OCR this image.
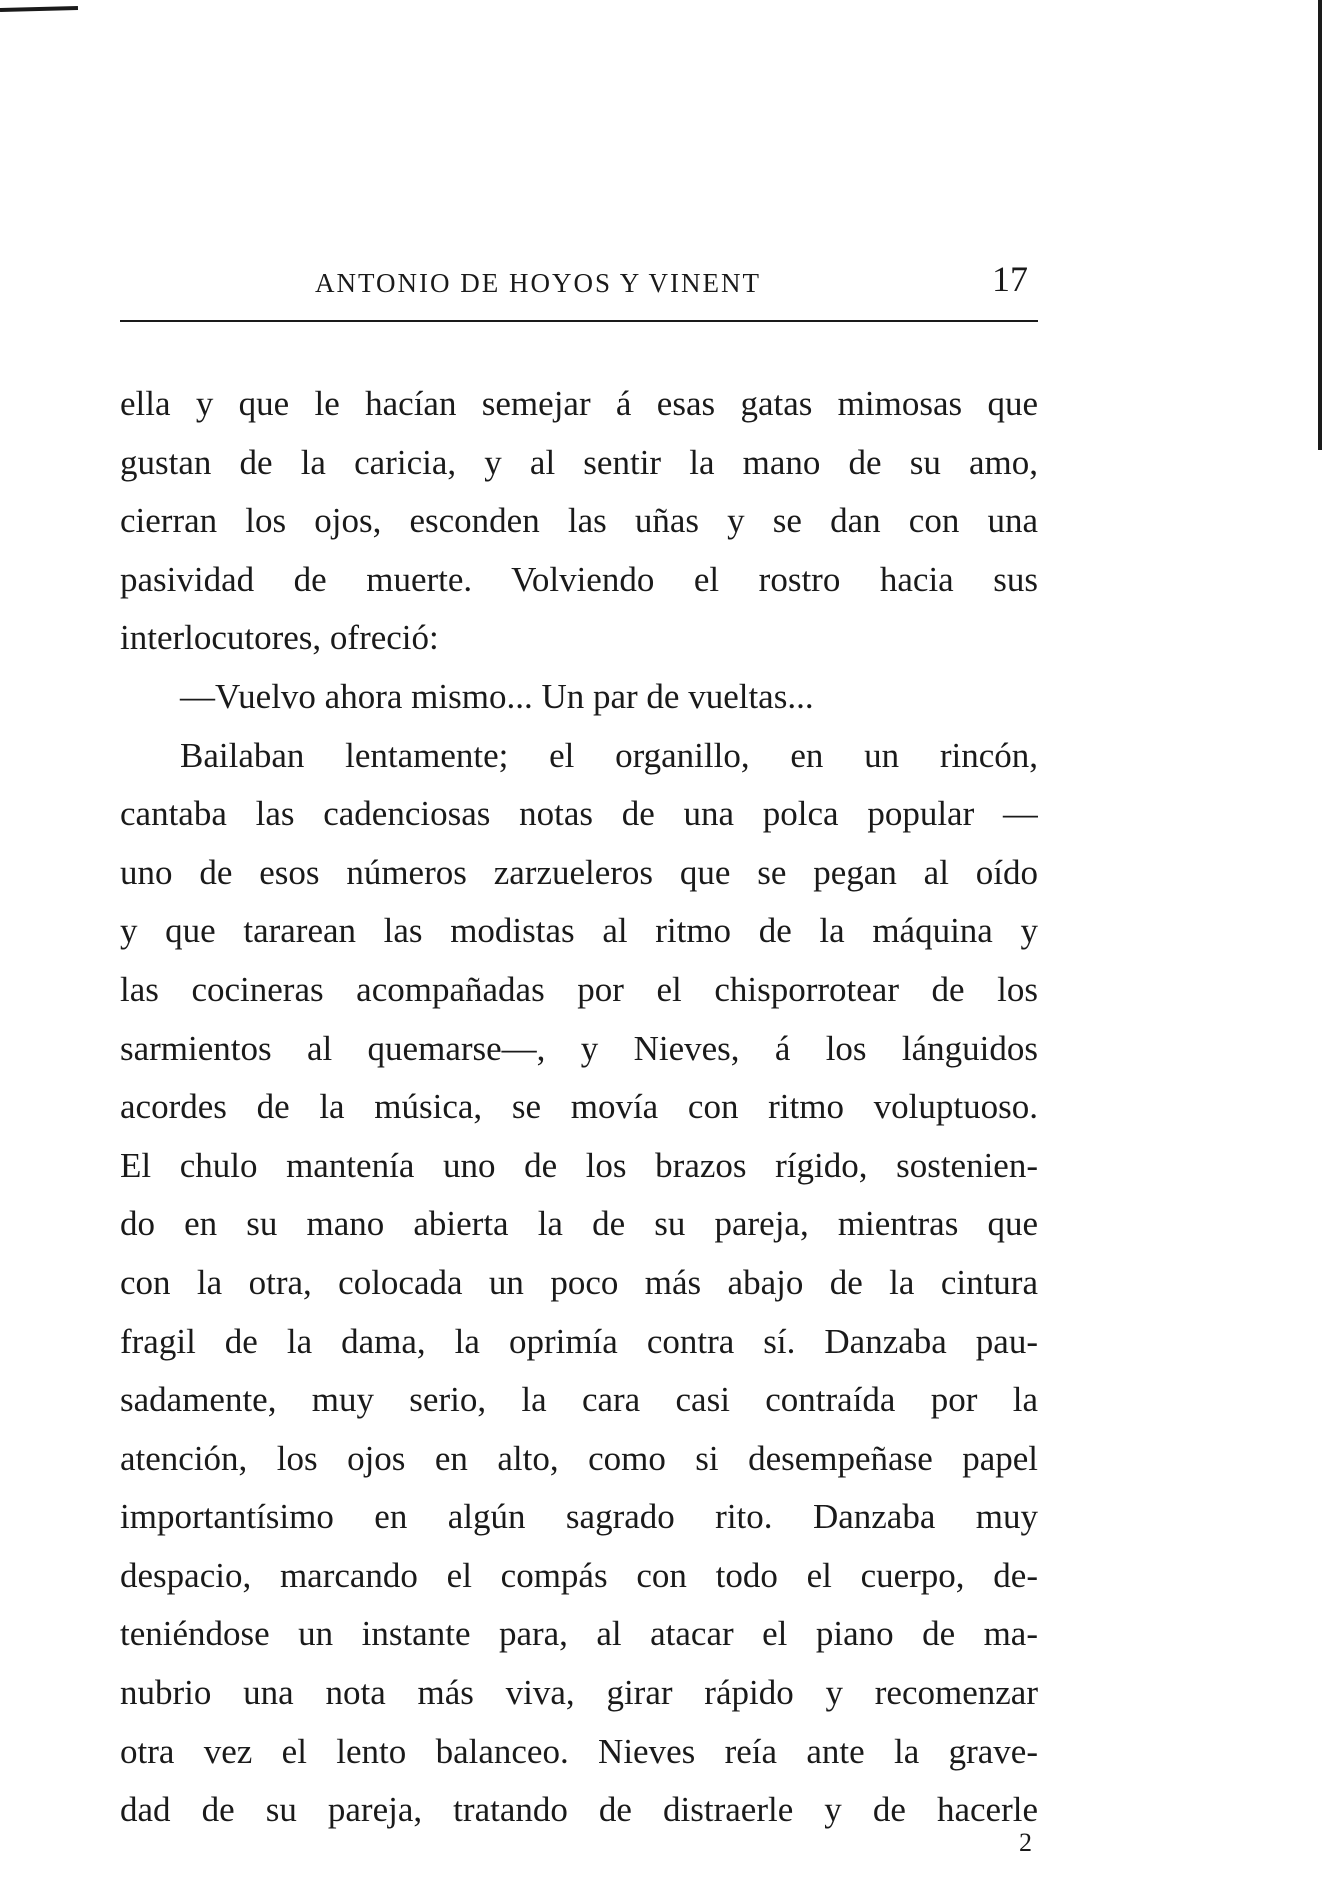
ANTONIO DE HOYOS Y VINENT	17
ella y que le hacían semejar á esas gatas mimosas que
gustan de la caricia, y al sentir la mano de su amo,
cierran los ojos, esconden las uñas y se dan con una
pasividad de muerte. Volviendo el rostro hacia sus
interlocutores, ofreció:
—Vuelvo ahora mismo... Un par de vueltas...
Bailaban lentamente; el organillo, en un rincón,
cantaba las cadenciosas notas de una polca popular —
uno de esos números zarzueleros que se pegan al oído
y que tararean las modistas al ritmo de la máquina y
las cocineras acompañadas por el chisporrotear de los
sarmientos al quemarse—, y Nieves, á los lánguidos
acordes de la música, se movía con ritmo voluptuoso.
El chulo mantenía uno de los brazos rígido, sostenien-
do en su mano abierta la de su pareja, mientras que
con la otra, colocada un poco más abajo de la cintura
fragil de la dama, la oprimía contra sí. Danzaba pau-
sadamente, muy serio, la cara casi contraída por la
atención, los ojos en alto, como si desempeñase papel
importantísimo en algún sagrado rito. Danzaba muy
despacio, marcando el compás con todo el cuerpo, de-
teniéndose un instante para, al atacar el piano de ma-
nubrio una nota más viva, girar rápido y recomenzar
otra vez el lento balanceo. Nieves reía ante la grave-
dad de su pareja, tratando de distraerle y de hacerle
2
